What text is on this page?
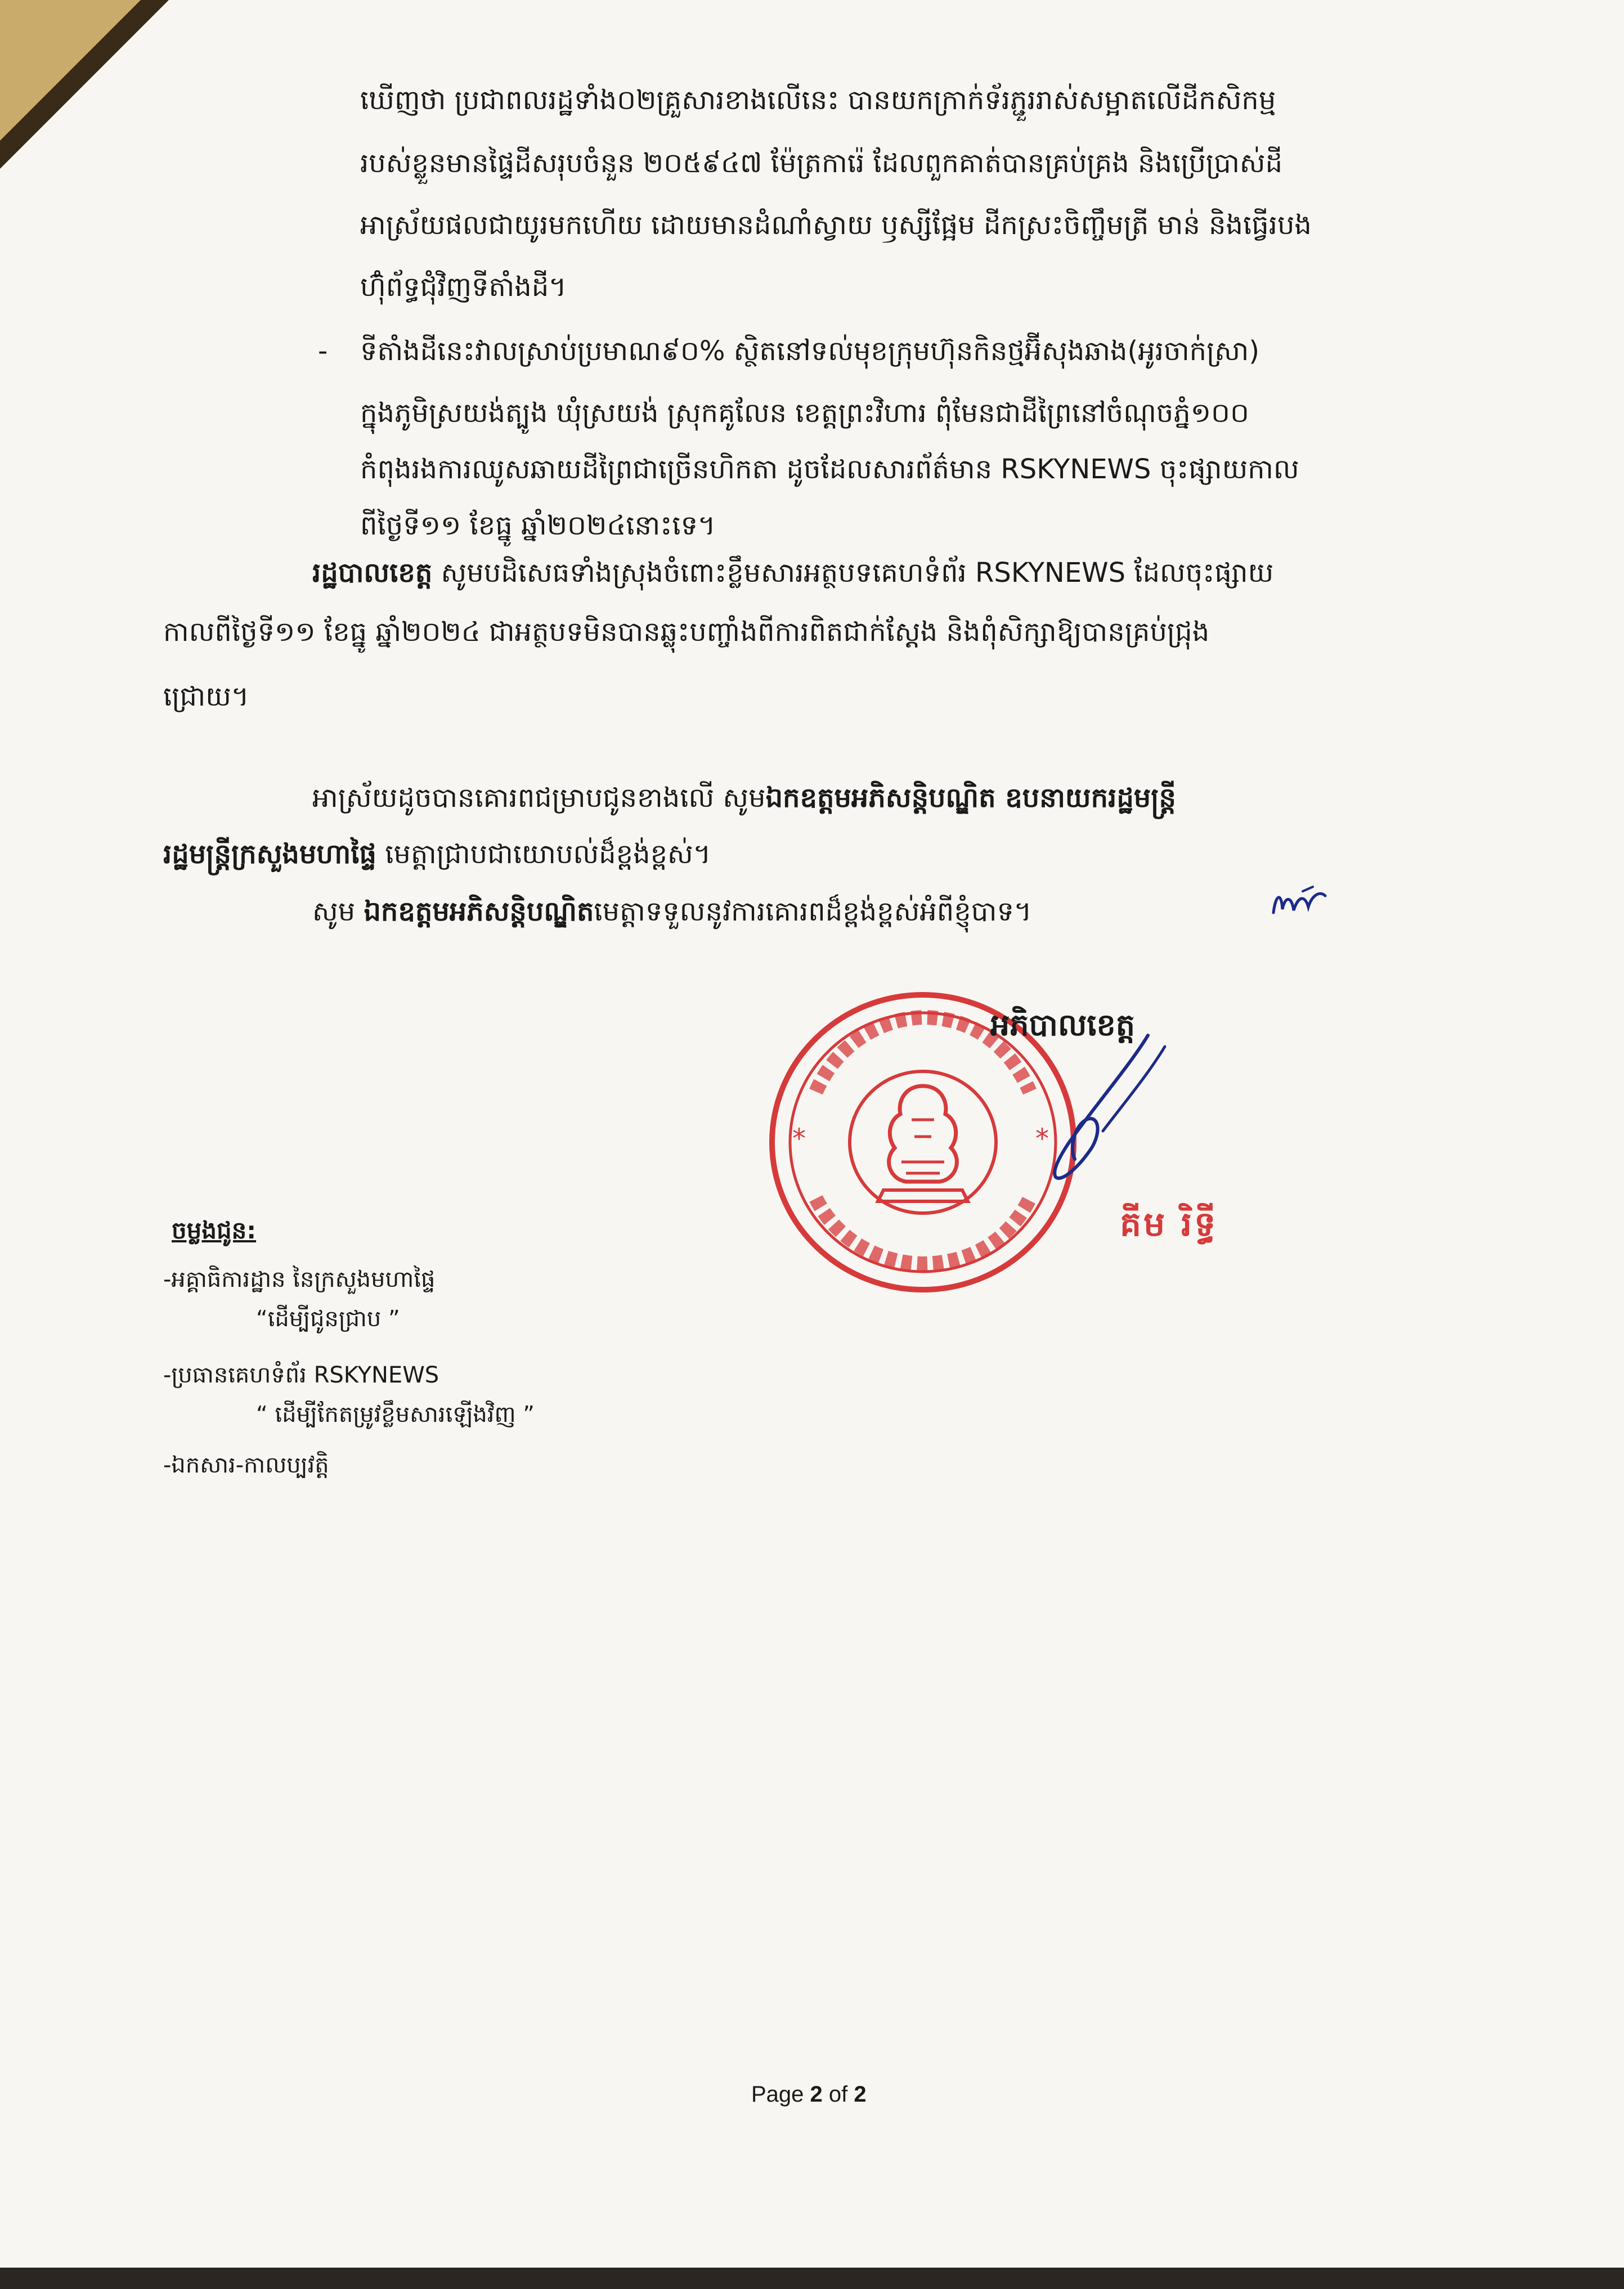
ឃើញថា ប្រជាពលរដ្ឋទាំង០២គ្រួសារខាងលើនេះ បានយកក្រាក់ទ័រភ្ជួររាស់សម្អាតលើដីកសិកម្ម

របស់ខ្លួនមានផ្ទៃដីសរុបចំនួន ២០៥៩៤៧ ម៉ែត្រការ៉េ ដែលពួកគាត់បានគ្រប់គ្រង និងប្រើប្រាស់ដី

អាស្រ័យផលជាយូរមកហើយ ដោយមានដំណាំស្វាយ ឫស្សីផ្អែម ដីកស្រះចិញ្ចឹមត្រី មាន់ និងធ្វើរបង

ហ៊ុំព័ទ្ធជុំវិញទីតាំងដី។

- ទីតាំងដីនេះវាលស្រាប់ប្រមាណ៩០% ស្ថិតនៅទល់មុខក្រុមហ៊ុនកិនថ្មអ៊ីសុងឆាង(អូរចាក់ស្រា)

ក្នុងភូមិស្រយង់ត្បូង ឃុំស្រយង់ ស្រុកគូលែន ខេត្តព្រះវិហារ ពុំមែនជាដីព្រៃនៅចំណុចភ្នំ១០០

កំពុងរងការឈូសឆាយដីព្រៃជាច្រើនហិកតា ដូចដែលសារព័ត៌មាន RSKYNEWS ចុះផ្សាយកាល

ពីថ្ងៃទី១១ ខែធ្នូ ឆ្នាំ២០២៤នោះទេ។

រដ្ឋបាលខេត្ត សូមបដិសេធទាំងស្រុងចំពោះខ្លឹមសារអត្ថបទគេហទំព័រ RSKYNEWS ដែលចុះផ្សាយ

កាលពីថ្ងៃទី១១ ខែធ្នូ ឆ្នាំ២០២៤ ជាអត្ថបទមិនបានឆ្លុះបញ្ចាំងពីការពិតជាក់ស្តែង និងពុំសិក្សាឱ្យបានគ្រប់ជ្រុង

ជ្រោយ។

អាស្រ័យដូចបានគោរពជម្រាបជូនខាងលើ សូមឯកឧត្តមអភិសន្តិបណ្ឌិត ឧបនាយករដ្ឋមន្ត្រី

រដ្ឋមន្ត្រីក្រសួងមហាផ្ទៃ មេត្តាជ្រាបជាយោបល់ដ៏ខ្ពង់ខ្ពស់។

សូម ឯកឧត្តមអភិសន្តិបណ្ឌិតមេត្តាទទួលនូវការគោរពដ៏ខ្ពង់ខ្ពស់អំពីខ្ញុំបាទ។

*	*

អភិបាលខេត្ត

គីម រិទ្ធី

ចម្លងជូន:

-អគ្គាធិការដ្ឋាន នៃក្រសួងមហាផ្ទៃ

“ដើម្បីជូនជ្រាប ”

-ប្រធានគេហទំព័រ RSKYNEWS

“ ដើម្បីកែតម្រូវខ្លឹមសារឡើងវិញ ”

-ឯកសារ-កាលប្បវត្តិ

Page 2 of 2
